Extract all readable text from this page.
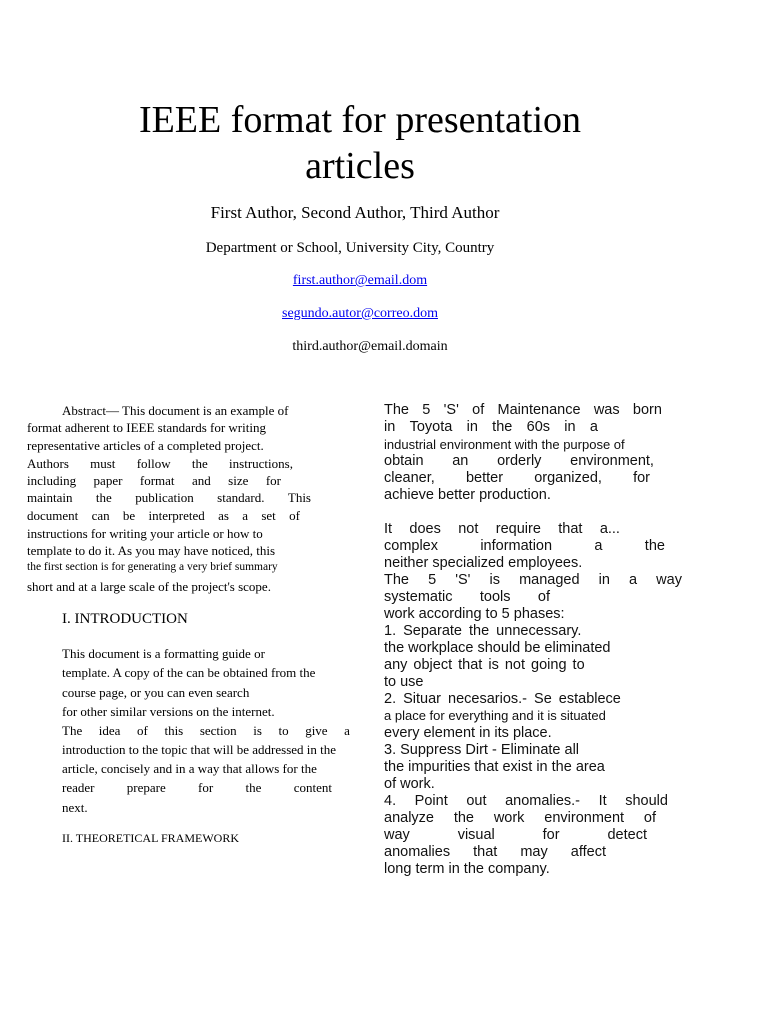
IEEE format for presentation
articles
First Author, Second Author, Third Author
Department or School, University City, Country
first.author@email.dom
segundo.autor@correo.dom
third.author@email.domain
Abstract— This document is an example of
format adherent to IEEE standards for writing
representative articles of a completed project.
Authors must follow the instructions,
including paper format and size for
maintain the publication standard. This
document can be interpreted as a set of
instructions for writing your article or how to
template to do it. As you may have noticed, this
the first section is for generating a very brief summary
short and at a large scale of the project's scope.
I. INTRODUCTION
This document is a formatting guide or
template. A copy of the can be obtained from the
course page, or you can even search
for other similar versions on the internet.
The idea of this section is to give a
introduction to the topic that will be addressed in the
article, concisely and in a way that allows for the
reader prepare for the content
next.
II. THEORETICAL FRAMEWORK
The 5 'S' of Maintenance was born
in Toyota in the 60s in a
industrial environment with the purpose of
obtain an orderly environment,
cleaner, better organized, for
achieve better production.
It does not require that a...
complex	information	a	the
neither specialized employees.
The 5 'S' is managed in a way
systematic tools of
work according to 5 phases:
1. Separate the unnecessary.
the workplace should be eliminated
any object that is not going to
to use
2. Situar necesarios.- Se establece
a place for everything and it is situated
every element in its place.
3. Suppress Dirt - Eliminate all
the impurities that exist in the area
of work.
4. Point out anomalies.- It should
analyze the work environment of
way	visual	for	detect
anomalies that may affect
long term in the company.
